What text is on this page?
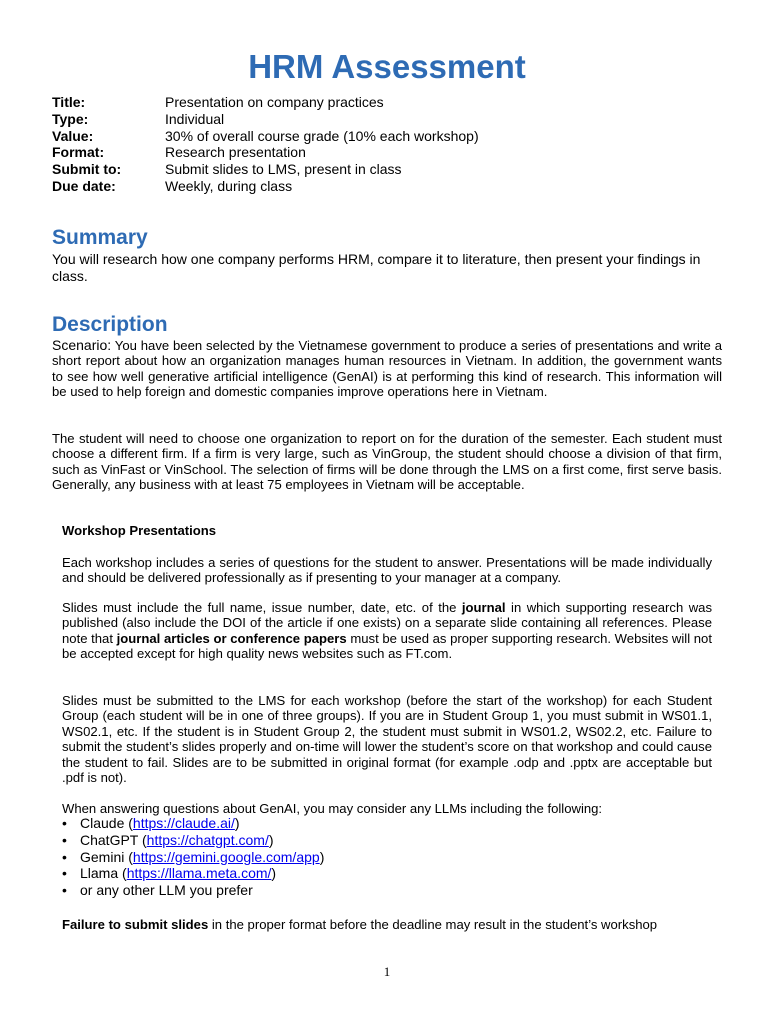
HRM Assessment
Title:	Presentation on company practices
Type:	Individual
Value:	30% of overall course grade (10% each workshop)
Format:	Research presentation
Submit to:	Submit slides to LMS, present in class
Due date:	Weekly, during class
Summary

You will research how one company performs HRM, compare it to literature, then present your findings in class.

Description

Scenario: You have been selected by the Vietnamese government to produce a series of presentations and write a short report about how an organization manages human resources in Vietnam. In addition, the government wants to see how well generative artificial intelligence (GenAI) is at performing this kind of research. This information will be used to help foreign and domestic companies improve operations here in Vietnam.

The student will need to choose one organization to report on for the duration of the semester. Each student must choose a different firm. If a firm is very large, such as VinGroup, the student should choose a division of that firm, such as VinFast or VinSchool. The selection of firms will be done through the LMS on a first come, first serve basis. Generally, any business with at least 75 employees in Vietnam will be acceptable.

Workshop Presentations

Each workshop includes a series of questions for the student to answer. Presentations will be made individually and should be delivered professionally as if presenting to your manager at a company.

Slides must include the full name, issue number, date, etc. of the journal in which supporting research was published (also include the DOI of the article if one exists) on a separate slide containing all references. Please note that journal articles or conference papers must be used as proper supporting research. Websites will not be accepted except for high quality news websites such as FT.com.

Slides must be submitted to the LMS for each workshop (before the start of the workshop) for each Student Group (each student will be in one of three groups). If you are in Student Group 1, you must submit in WS01.1, WS02.1, etc. If the student is in Student Group 2, the student must submit in WS01.2, WS02.2, etc. Failure to submit the student’s slides properly and on-time will lower the student’s score on that workshop and could cause the student to fail. Slides are to be submitted in original format (for example .odp and .pptx are acceptable but .pdf is not).

When answering questions about GenAI, you may consider any LLMs including the following:

• Claude (https://claude.ai/)
• ChatGPT (https://chatgpt.com/)
• Gemini (https://gemini.google.com/app)
• Llama (https://llama.meta.com/)
• or any other LLM you prefer

Failure to submit slides in the proper format before the deadline may result in the student’s workshop

1
